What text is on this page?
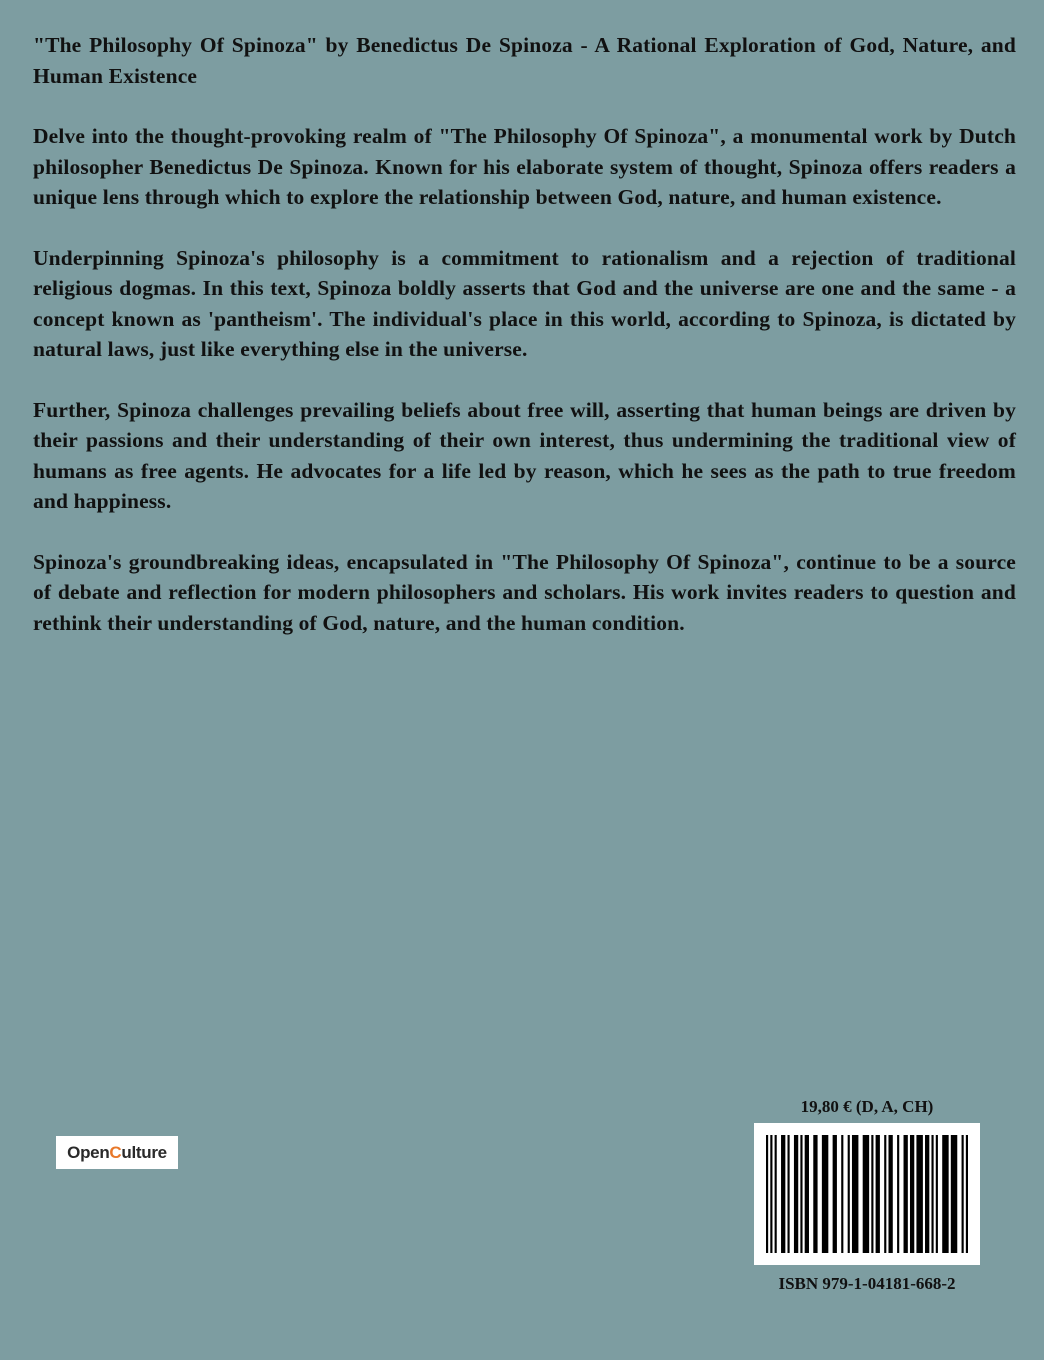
"The Philosophy Of Spinoza" by Benedictus De Spinoza - A Rational Exploration of God, Nature, and Human Existence

Delve into the thought-provoking realm of "The Philosophy Of Spinoza", a monumental work by Dutch philosopher Benedictus De Spinoza. Known for his elaborate system of thought, Spinoza offers readers a unique lens through which to explore the relationship between God, nature, and human existence.

Underpinning Spinoza's philosophy is a commitment to rationalism and a rejection of traditional religious dogmas. In this text, Spinoza boldly asserts that God and the universe are one and the same - a concept known as 'pantheism'. The individual's place in this world, according to Spinoza, is dictated by natural laws, just like everything else in the universe.

Further, Spinoza challenges prevailing beliefs about free will, asserting that human beings are driven by their passions and their understanding of their own interest, thus undermining the traditional view of humans as free agents. He advocates for a life led by reason, which he sees as the path to true freedom and happiness.

Spinoza's groundbreaking ideas, encapsulated in "The Philosophy Of Spinoza", continue to be a source of debate and reflection for modern philosophers and scholars. His work invites readers to question and rethink their understanding of God, nature, and the human condition.

Open C ulture
19,80 € (D, A, CH)
ISBN 979-1-04181-668-2
